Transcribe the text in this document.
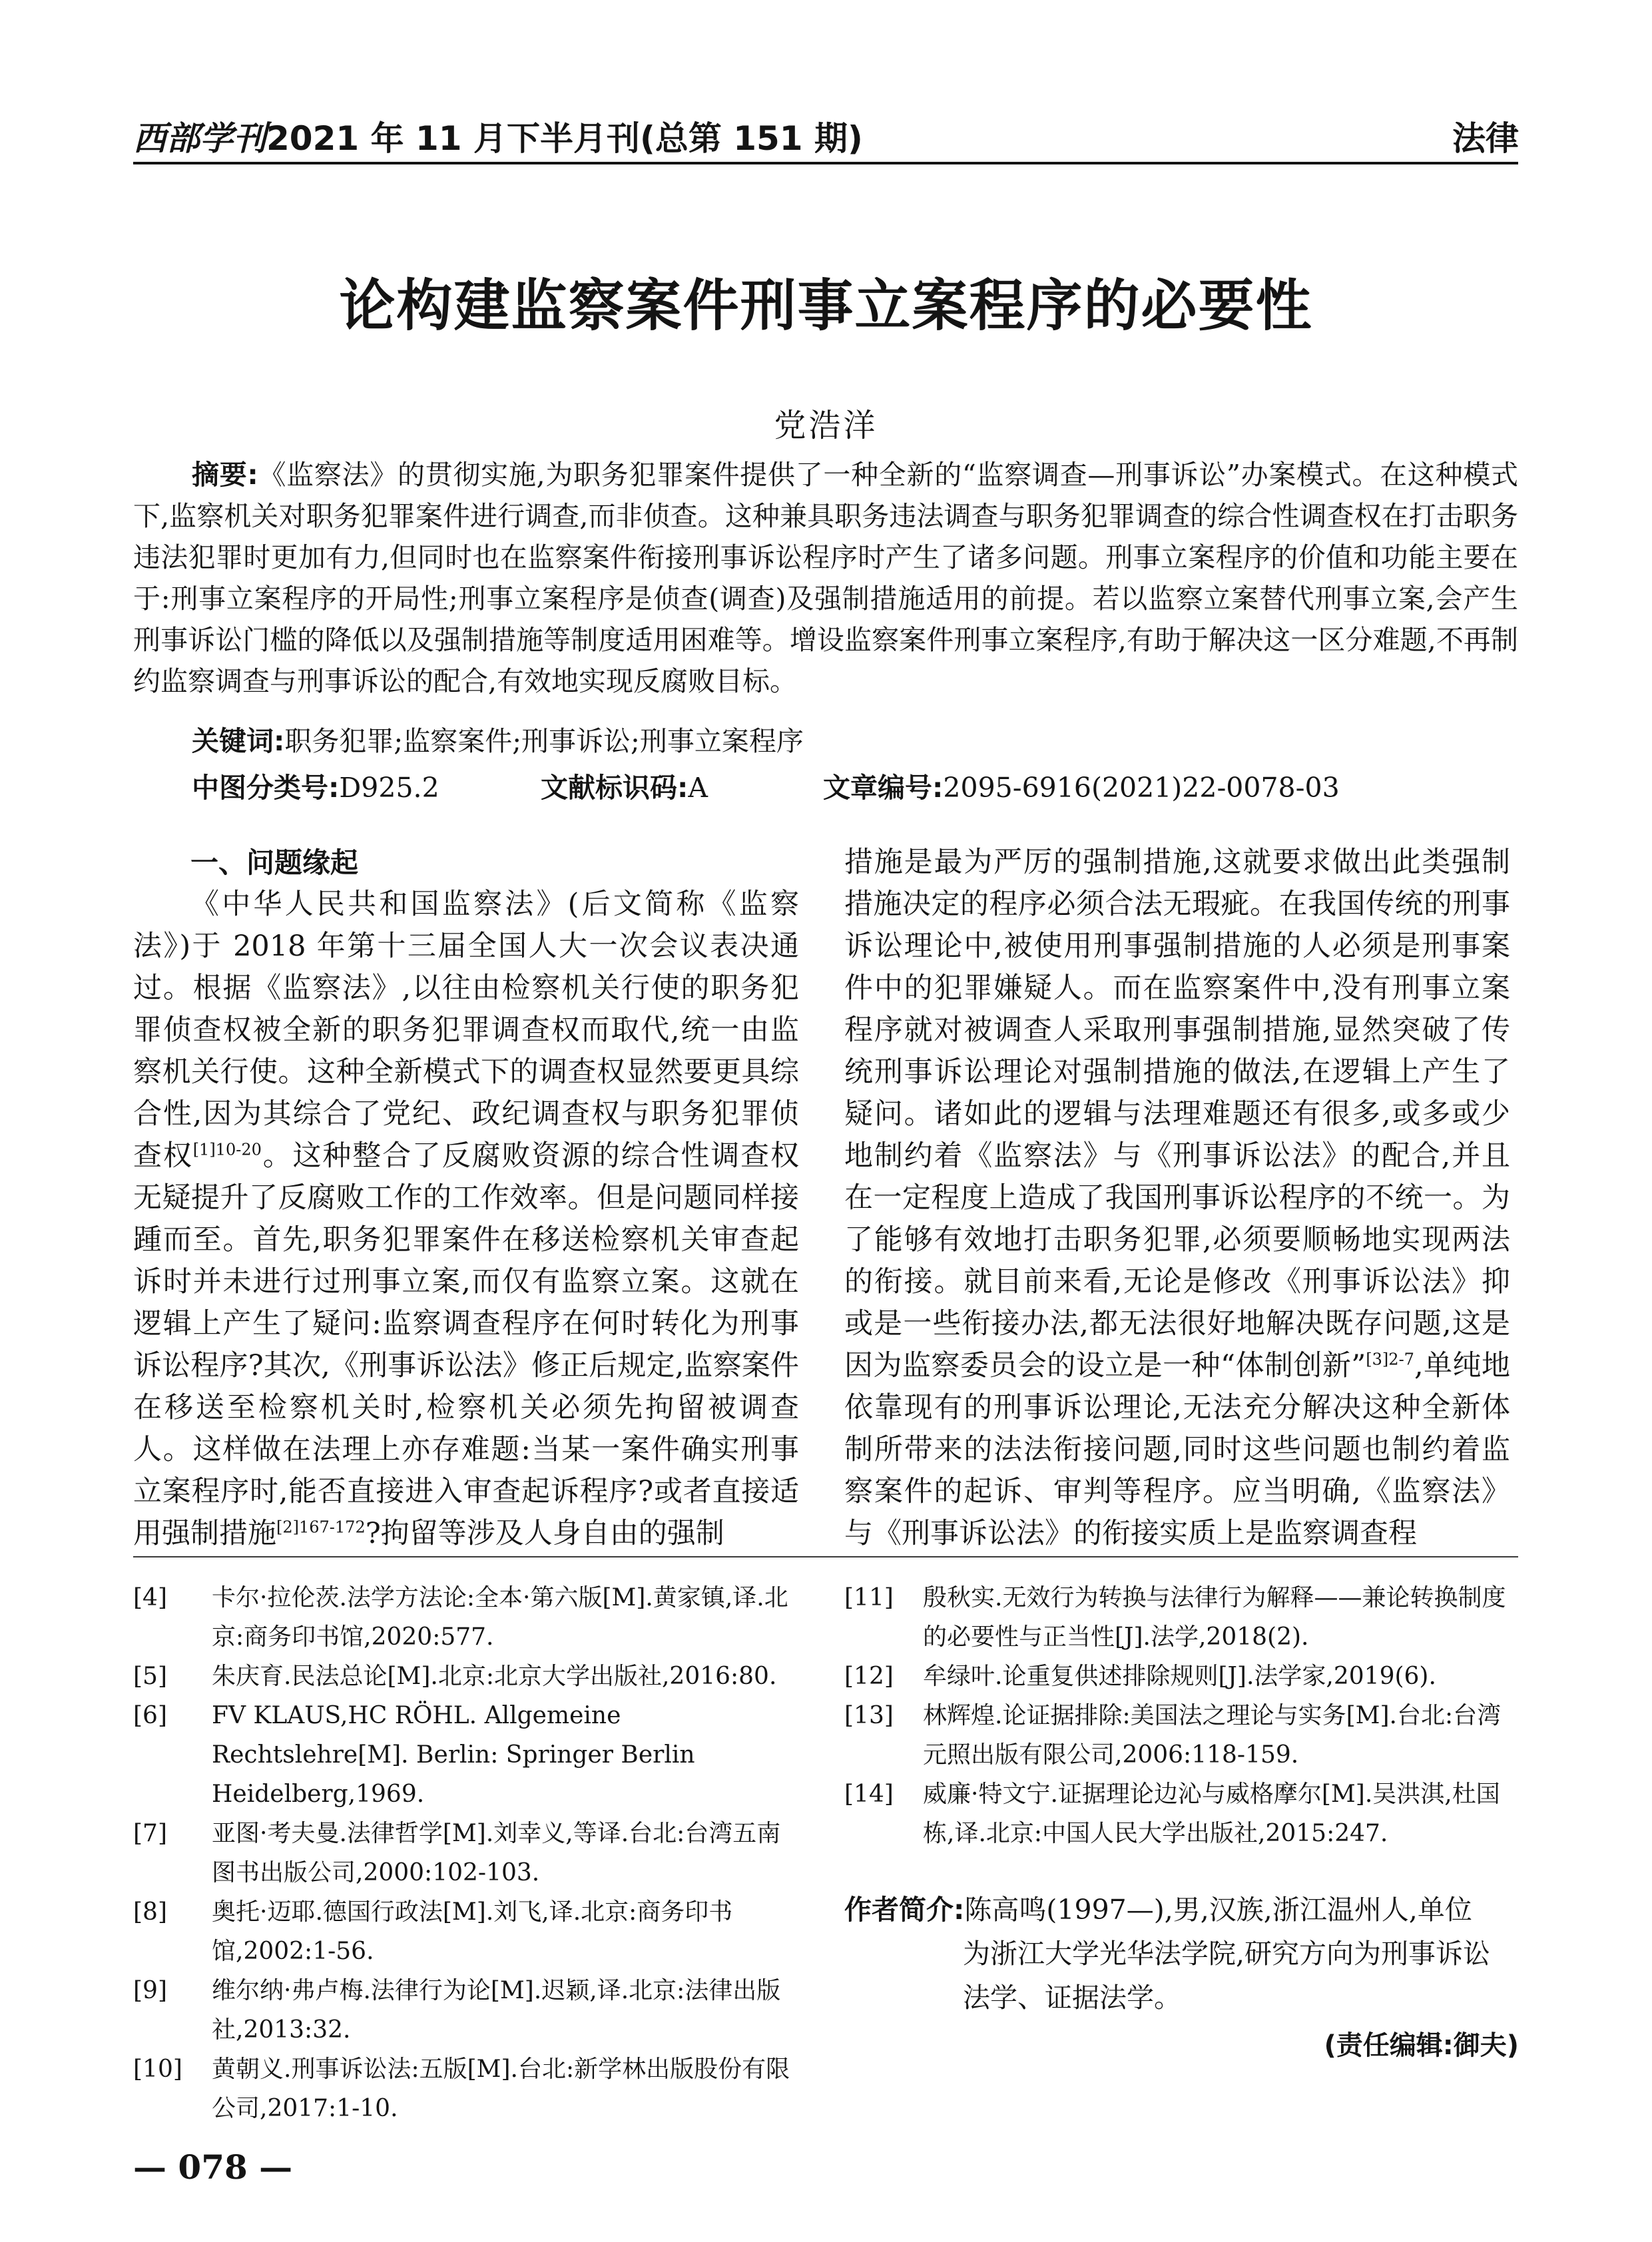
西部学刊2021 年 11 月下半月刊(总第 151 期)	法律
论构建监察案件刑事立案程序的必要性
党浩洋

摘要:《监察法》的贯彻实施,为职务犯罪案件提供了一种全新的“监察调查—刑事诉讼”办案模式。在这种模式下,监察机关对职务犯罪案件进行调查,而非侦查。这种兼具职务违法调查与职务犯罪调查的综合性调查权在打击职务违法犯罪时更加有力,但同时也在监察案件衔接刑事诉讼程序时产生了诸多问题。刑事立案程序的价值和功能主要在于:刑事立案程序的开局性;刑事立案程序是侦查(调查)及强制措施适用的前提。若以监察立案替代刑事立案,会产生刑事诉讼门槛的降低以及强制措施等制度适用困难等。增设监察案件刑事立案程序,有助于解决这一区分难题,不再制约监察调查与刑事诉讼的配合,有效地实现反腐败目标。

关键词:职务犯罪;监察案件;刑事诉讼;刑事立案程序
中图分类号:D925.2	文献标识码:A	文章编号:2095-6916(2021)22-0078-03

一、问题缘起

《中华人民共和国监察法》(后文简称《监察法》)于 2018 年第十三届全国人大一次会议表决通过。根据《监察法》,以往由检察机关行使的职务犯罪侦查权被全新的职务犯罪调查权而取代,统一由监察机关行使。这种全新模式下的调查权显然要更具综合性,因为其综合了党纪、政纪调查权与职务犯罪侦查权$^{[1]10-20}$。这种整合了反腐败资源的综合性调查权无疑提升了反腐败工作的工作效率。但是问题同样接踵而至。首先,职务犯罪案件在移送检察机关审查起诉时并未进行过刑事立案,而仅有监察立案。这就在逻辑上产生了疑问:监察调查程序在何时转化为刑事诉讼程序?其次,《刑事诉讼法》修正后规定,监察案件在移送至检察机关时,检察机关必须先拘留被调查人。这样做在法理上亦存难题:当某一案件确实刑事立案程序时,能否直接进入审查起诉程序?或者直接适用强制措施$^{[2]167-172}$?拘留等涉及人身自由的强制

措施是最为严厉的强制措施,这就要求做出此类强制措施决定的程序必须合法无瑕疵。在我国传统的刑事诉讼理论中,被使用刑事强制措施的人必须是刑事案件中的犯罪嫌疑人。而在监察案件中,没有刑事立案程序就对被调查人采取刑事强制措施,显然突破了传统刑事诉讼理论对强制措施的做法,在逻辑上产生了疑问。诸如此的逻辑与法理难题还有很多,或多或少地制约着《监察法》与《刑事诉讼法》的配合,并且在一定程度上造成了我国刑事诉讼程序的不统一。为了能够有效地打击职务犯罪,必须要顺畅地实现两法的衔接。就目前来看,无论是修改《刑事诉讼法》抑或是一些衔接办法,都无法很好地解决既存问题,这是因为监察委员会的设立是一种“体制创新”$^{[3]2-7}$,单纯地依靠现有的刑事诉讼理论,无法充分解决这种全新体制所带来的法法衔接问题,同时这些问题也制约着监察案件的起诉、审判等程序。应当明确,《监察法》与《刑事诉讼法》的衔接实质上是监察调查程

[4] 卡尔·拉伦茨.法学方法论:全本·第六版[M].黄家镇,译.北京:商务印书馆,2020:577.

[5] 朱庆育.民法总论[M].北京:北京大学出版社,2016:80.

[6] FV KLAUS,HC RÖHL. Allgemeine Rechtslehre[M]. Berlin: Springer Berlin Heidelberg,1969.

[7] 亚图·考夫曼.法律哲学[M].刘幸义,等译.台北:台湾五南图书出版公司,2000:102-103.

[8] 奥托·迈耶.德国行政法[M].刘飞,译.北京:商务印书馆,2002:1-56.

[9] 维尔纳·弗卢梅.法律行为论[M].迟颖,译.北京:法律出版社,2013:32.

[10] 黄朝义.刑事诉讼法:五版[M].台北:新学林出版股份有限公司,2017:1-10.

[11] 殷秋实.无效行为转换与法律行为解释——兼论转换制度的必要性与正当性[J].法学,2018(2).

[12] 牟绿叶.论重复供述排除规则[J].法学家,2019(6).

[13] 林辉煌.论证据排除:美国法之理论与实务[M].台北:台湾元照出版有限公司,2006:118-159.

[14] 威廉·特文宁.证据理论边沁与威格摩尔[M].吴洪淇,杜国栋,译.北京:中国人民大学出版社,2015:247.

作者简介:陈高鸣(1997—),男,汉族,浙江温州人,单位
为浙江大学光华法学院,研究方向为刑事诉讼
法学、证据法学。
(责任编辑:御夫)
— 078 —
